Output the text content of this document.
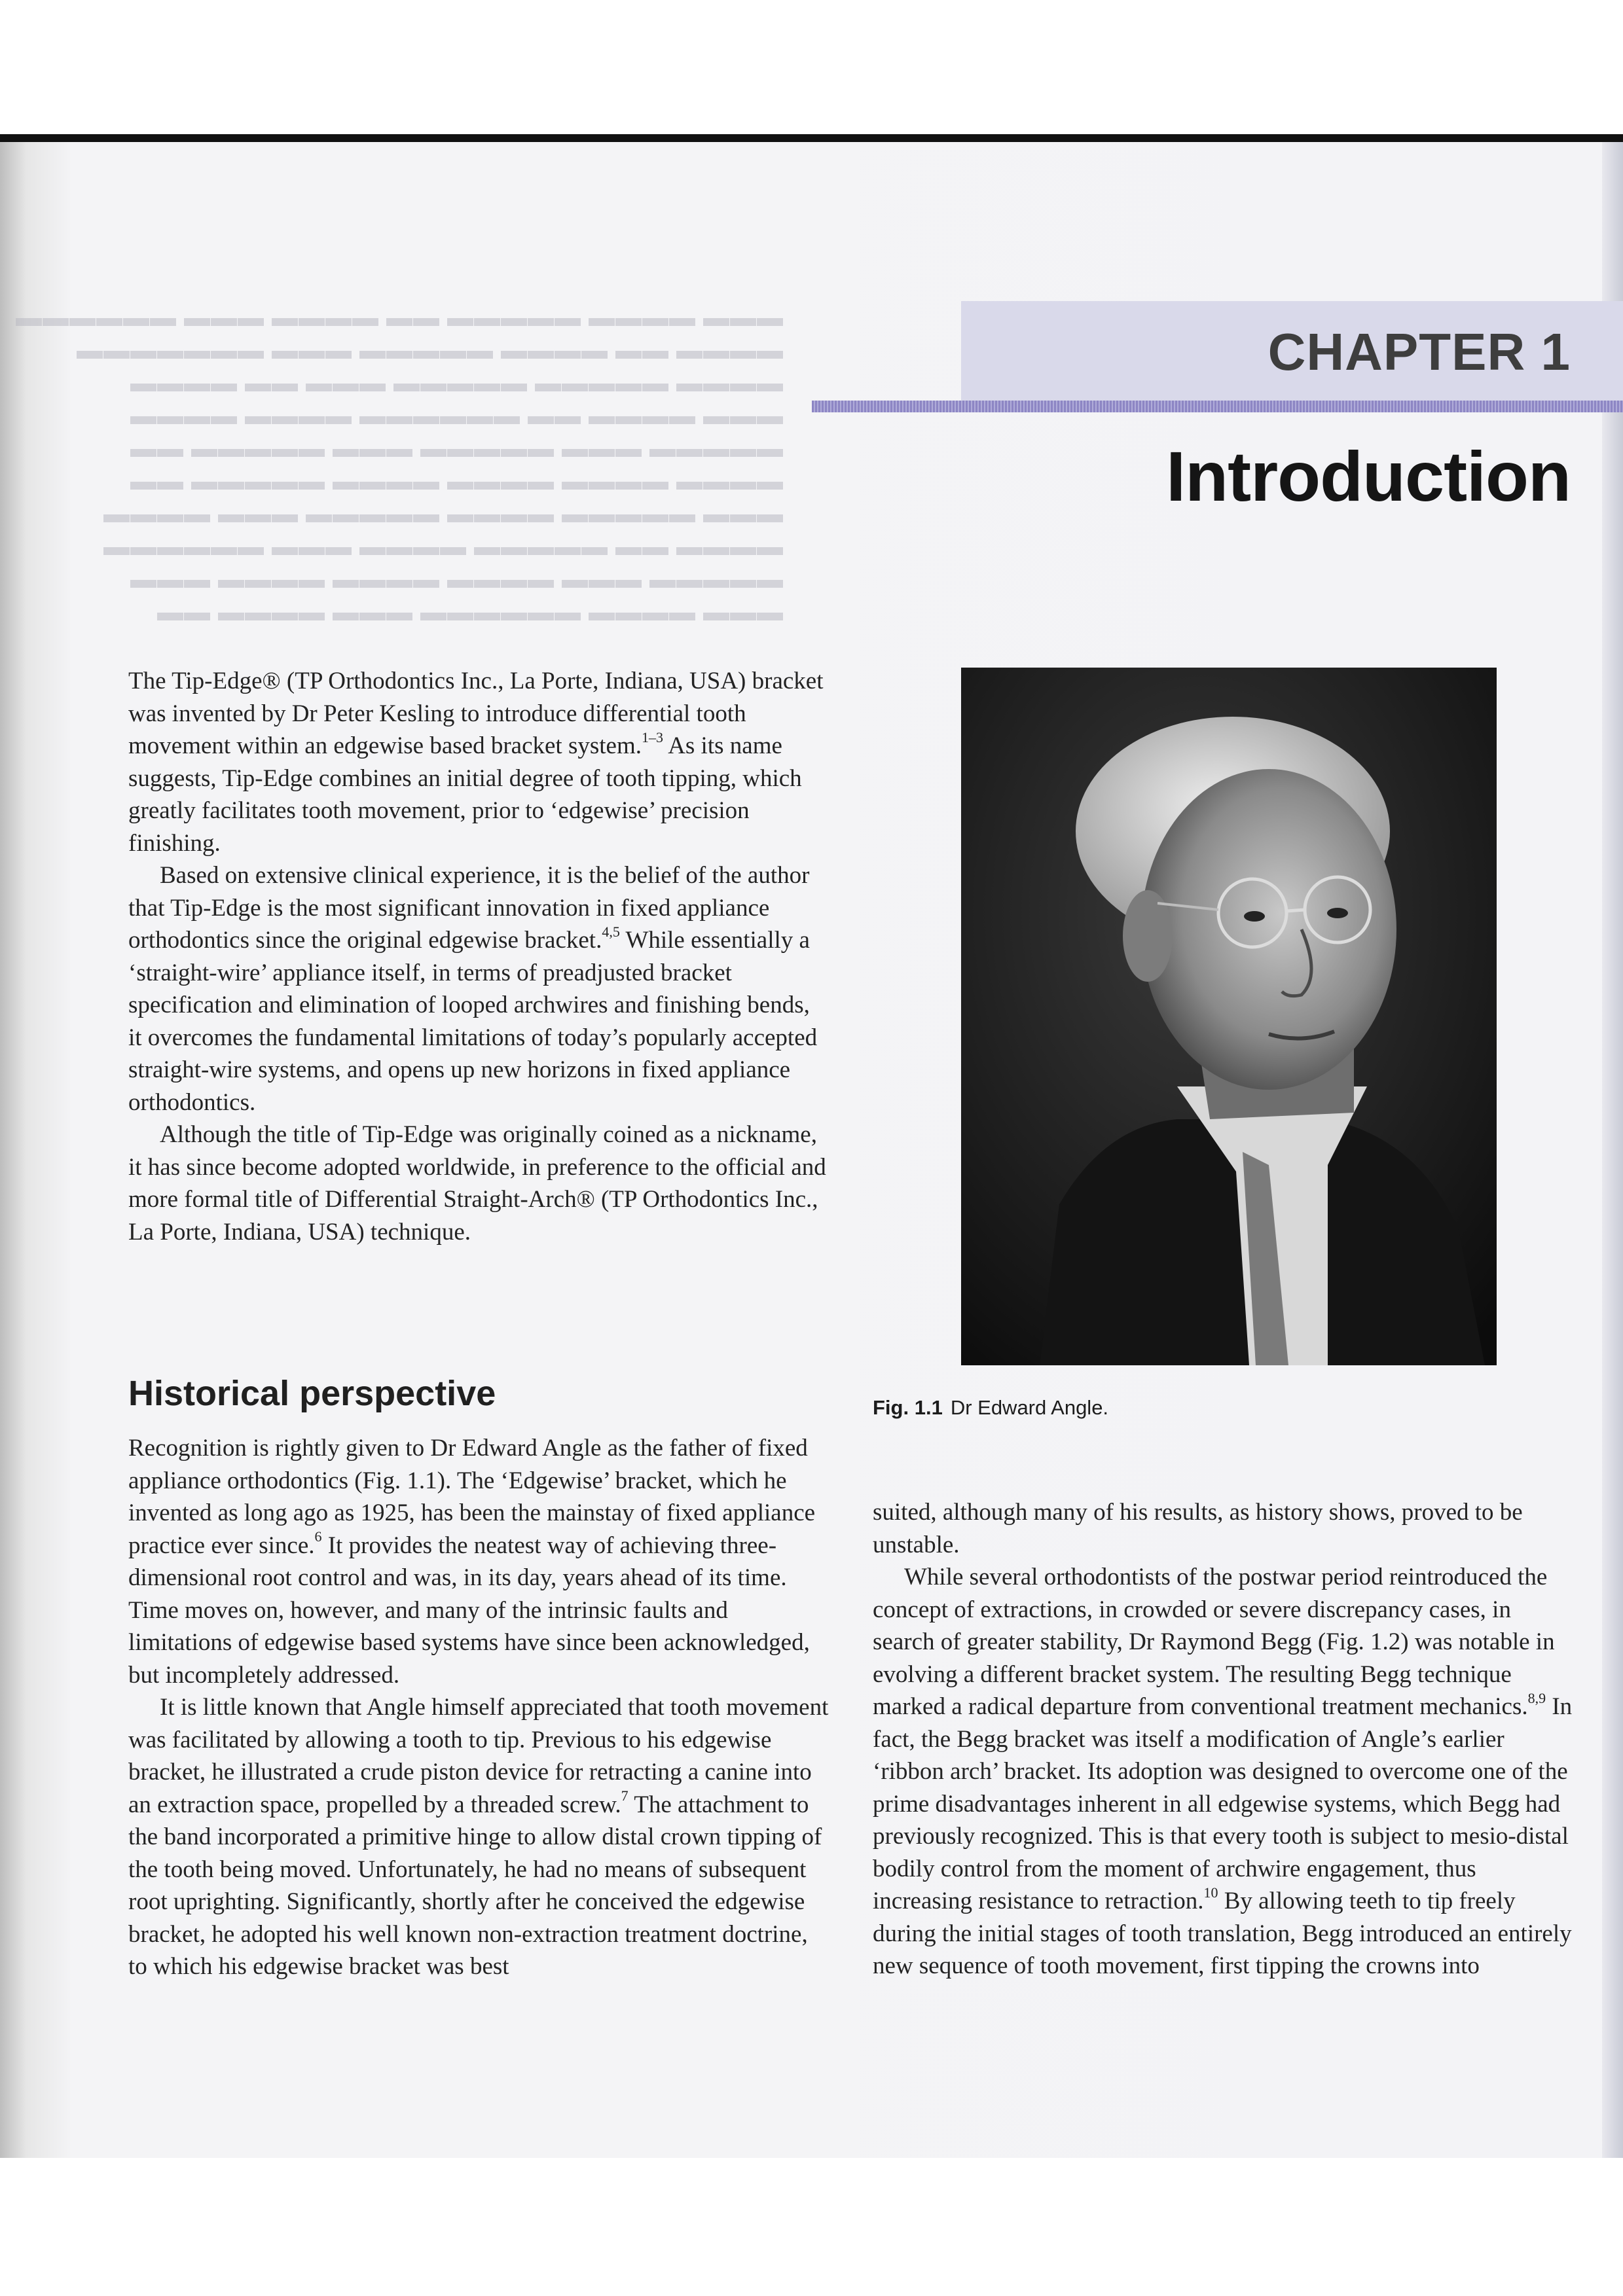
▬▬▬ ▬▬▬▬ ▬▬▬▬▬ ▬▬ ▬▬▬▬ ▬▬▬ ▬▬▬▬▬▬
▬▬▬▬ ▬▬ ▬▬▬▬ ▬▬▬▬▬ ▬▬▬ ▬▬▬▬▬▬▬
▬▬▬▬ ▬▬▬▬▬ ▬▬▬▬▬ ▬▬▬ ▬▬ ▬▬▬▬
▬▬▬ ▬▬▬▬ ▬▬ ▬▬▬▬▬▬ ▬▬▬▬ ▬▬▬▬
▬▬▬▬▬ ▬▬▬ ▬▬▬▬▬ ▬▬▬ ▬▬▬▬▬ ▬▬
▬▬▬▬ ▬▬▬▬ ▬▬▬▬ ▬▬▬▬ ▬▬▬▬▬ ▬▬
▬▬▬ ▬▬▬▬▬ ▬▬▬▬ ▬▬▬▬▬ ▬▬▬ ▬▬▬▬
▬▬▬▬ ▬▬ ▬▬▬▬▬ ▬▬▬▬ ▬▬▬ ▬▬▬▬▬▬
▬▬▬▬▬ ▬▬▬ ▬▬▬▬ ▬▬▬▬ ▬▬▬▬ ▬▬▬
▬▬▬ ▬▬▬▬ ▬▬▬▬▬▬ ▬▬▬ ▬▬▬▬ ▬▬
CHAPTER 1
Introduction

The Tip-Edge® (TP Orthodontics Inc., La Porte, Indiana, USA) bracket was invented by Dr Peter Kesling to introduce differential tooth movement within an edgewise based bracket system.$^{1-3}$ As its name suggests, Tip-Edge combines an initial degree of tooth tipping, which greatly facilitates tooth movement, prior to ‘edgewise’ precision finishing.

Based on extensive clinical experience, it is the belief of the author that Tip-Edge is the most significant innovation in fixed appliance orthodontics since the original edgewise bracket.$^{4,5}$ While essentially a ‘straight-wire’ appliance itself, in terms of preadjusted bracket specification and elimination of looped archwires and finishing bends, it overcomes the fundamental limitations of today’s popularly accepted straight-wire systems, and opens up new horizons in fixed appliance orthodontics.

Although the title of Tip-Edge was originally coined as a nickname, it has since become adopted worldwide, in preference to the official and more formal title of Differential Straight-Arch® (TP Orthodontics Inc., La Porte, Indiana, USA) technique.

Historical perspective

Recognition is rightly given to Dr Edward Angle as the father of fixed appliance orthodontics (Fig. 1.1). The ‘Edgewise’ bracket, which he invented as long ago as 1925, has been the mainstay of fixed appliance practice ever since.$^6$ It provides the neatest way of achieving three-dimensional root control and was, in its day, years ahead of its time. Time moves on, however, and many of the intrinsic faults and limitations of edgewise based systems have since been acknowledged, but incompletely addressed.

It is little known that Angle himself appreciated that tooth movement was facilitated by allowing a tooth to tip. Previous to his edgewise bracket, he illustrated a crude piston device for retracting a canine into an extraction space, propelled by a threaded screw.$^7$ The attachment to the band incorporated a primitive hinge to allow distal crown tipping of the tooth being moved. Unfortunately, he had no means of subsequent root uprighting. Significantly, shortly after he conceived the edgewise bracket, he adopted his well known non-extraction treatment doctrine, to which his edgewise bracket was best

Fig. 1.1 Dr Edward Angle.

suited, although many of his results, as history shows, proved to be unstable.

While several orthodontists of the postwar period reintroduced the concept of extractions, in crowded or severe discrepancy cases, in search of greater stability, Dr Raymond Begg (Fig. 1.2) was notable in evolving a different bracket system. The resulting Begg technique marked a radical departure from conventional treatment mechanics.$^{8,9}$ In fact, the Begg bracket was itself a modification of Angle’s earlier ‘ribbon arch’ bracket. Its adoption was designed to overcome one of the prime disadvantages inherent in all edgewise systems, which Begg had previously recognized. This is that every tooth is subject to mesio-distal bodily control from the moment of archwire engagement, thus increasing resistance to retraction.$^{10}$ By allowing teeth to tip freely during the initial stages of tooth translation, Begg introduced an entirely new sequence of tooth movement, first tipping the crowns into
